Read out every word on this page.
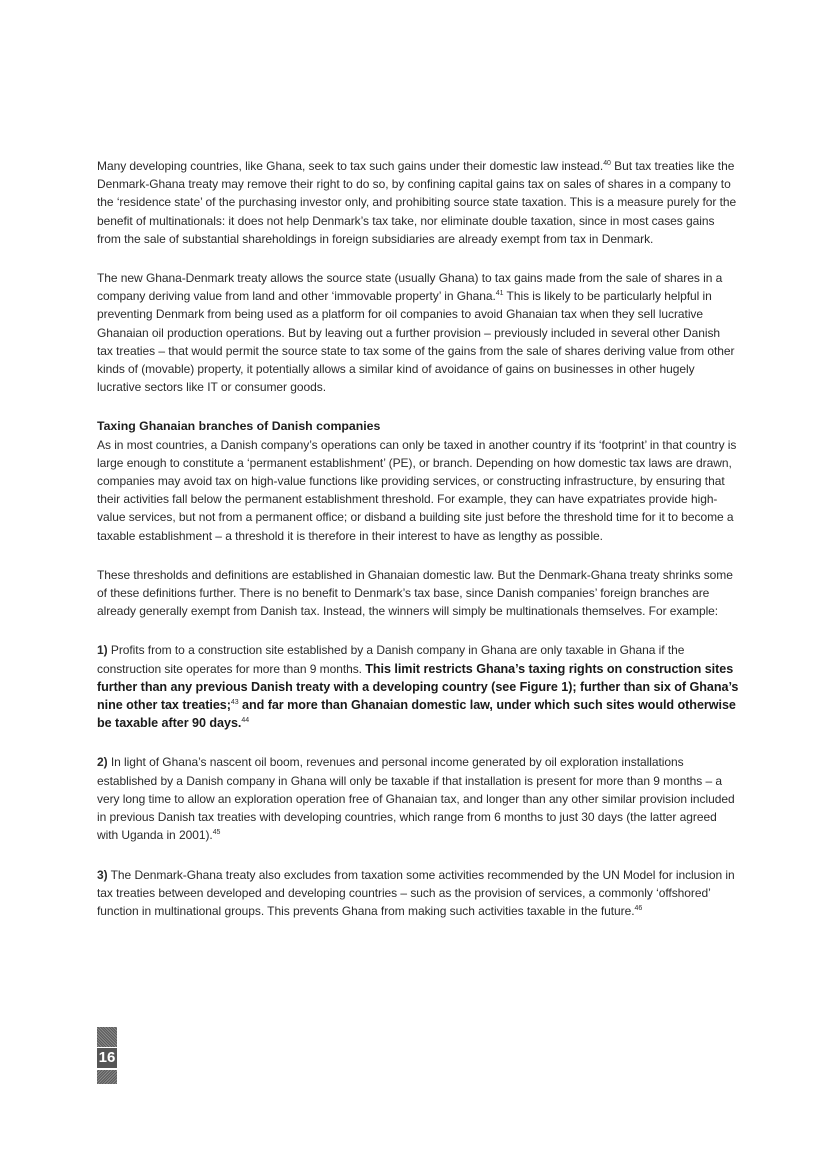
Many developing countries, like Ghana, seek to tax such gains under their domestic law instead.$^{40}$ But tax treaties like the Denmark-Ghana treaty may remove their right to do so, by confining capital gains tax on sales of shares in a company to the ‘residence state’ of the purchasing investor only, and prohibiting source state taxation. This is a measure purely for the benefit of multinationals: it does not help Denmark’s tax take, nor eliminate double taxation, since in most cases gains from the sale of substantial shareholdings in foreign subsidiaries are already exempt from tax in Denmark.

The new Ghana-Denmark treaty allows the source state (usually Ghana) to tax gains made from the sale of shares in a company deriving value from land and other ‘immovable property’ in Ghana.$^{41}$ This is likely to be particularly helpful in preventing Denmark from being used as a platform for oil companies to avoid Ghanaian tax when they sell lucrative Ghanaian oil production operations. But by leaving out a further provision – previously included in several other Danish tax treaties – that would permit the source state to tax some of the gains from the sale of shares deriving value from other kinds of (movable) property, it potentially allows a similar kind of avoidance of gains on businesses in other hugely lucrative sectors like IT or consumer goods.

Taxing Ghanaian branches of Danish companies

As in most countries, a Danish company’s operations can only be taxed in another country if its ‘footprint’ in that country is large enough to constitute a ‘permanent establishment’ (PE), or branch. Depending on how domestic tax laws are drawn, companies may avoid tax on high-value functions like providing services, or constructing infrastructure, by ensuring that their activities fall below the permanent establishment threshold. For example, they can have expatriates provide high-value services, but not from a permanent office; or disband a building site just before the threshold time for it to become a taxable establishment – a threshold it is therefore in their interest to have as lengthy as possible.

These thresholds and definitions are established in Ghanaian domestic law. But the Denmark-Ghana treaty shrinks some of these definitions further. There is no benefit to Denmark’s tax base, since Danish companies’ foreign branches are already generally exempt from Danish tax. Instead, the winners will simply be multinationals themselves. For example:

1) Profits from to a construction site established by a Danish company in Ghana are only taxable in Ghana if the construction site operates for more than 9 months. This limit restricts Ghana’s taxing rights on construction sites further than any previous Danish treaty with a developing country (see Figure 1); further than six of Ghana’s nine other tax treaties;$^{43}$ and far more than Ghanaian domestic law, under which such sites would otherwise be taxable after 90 days.$^{44}$

2) In light of Ghana’s nascent oil boom, revenues and personal income generated by oil exploration installations established by a Danish company in Ghana will only be taxable if that installation is present for more than 9 months – a very long time to allow an exploration operation free of Ghanaian tax, and longer than any other similar provision included in previous Danish tax treaties with developing countries, which range from 6 months to just 30 days (the latter agreed with Uganda in 2001).$^{45}$

3) The Denmark-Ghana treaty also excludes from taxation some activities recommended by the UN Model for inclusion in tax treaties between developed and developing countries – such as the provision of services, a commonly ‘offshored’ function in multinational groups. This prevents Ghana from making such activities taxable in the future.$^{46}$

16
